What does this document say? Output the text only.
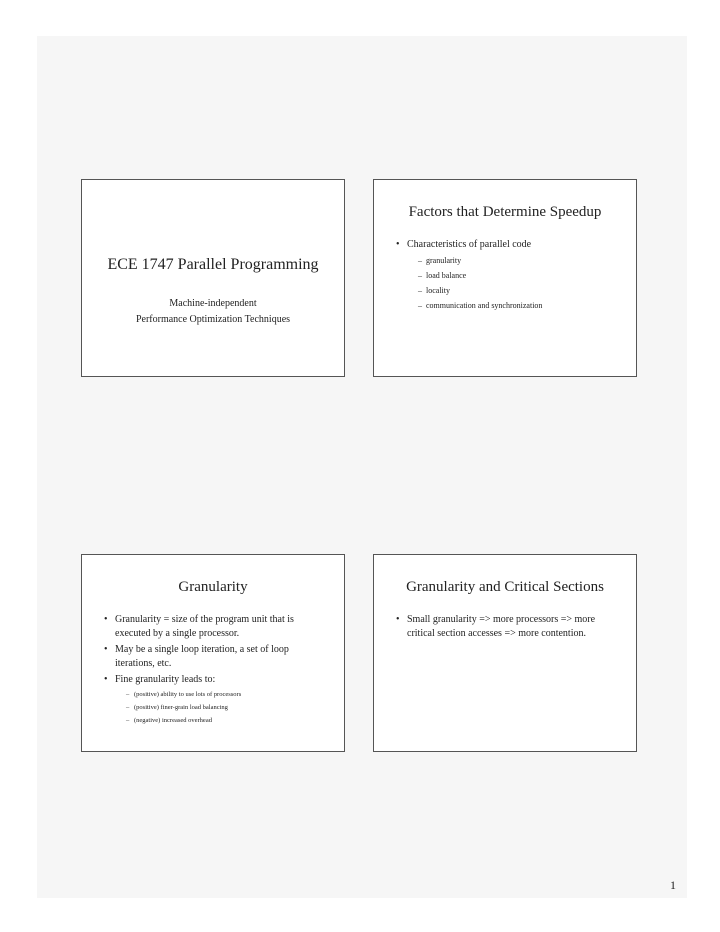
ECE 1747 Parallel Programming
Machine-independent
Performance Optimization Techniques
Factors that Determine Speedup
• Characteristics of parallel code
– granularity
– load balance
– locality
– communication and synchronization
Granularity
• Granularity = size of the program unit that is executed by a single processor.
• May be a single loop iteration, a set of loop iterations, etc.
• Fine granularity leads to:
– (positive) ability to use lots of processors
– (positive) finer-grain load balancing
– (negative) increased overhead
Granularity and Critical Sections
• Small granularity => more processors => more critical section accesses => more contention.
1
